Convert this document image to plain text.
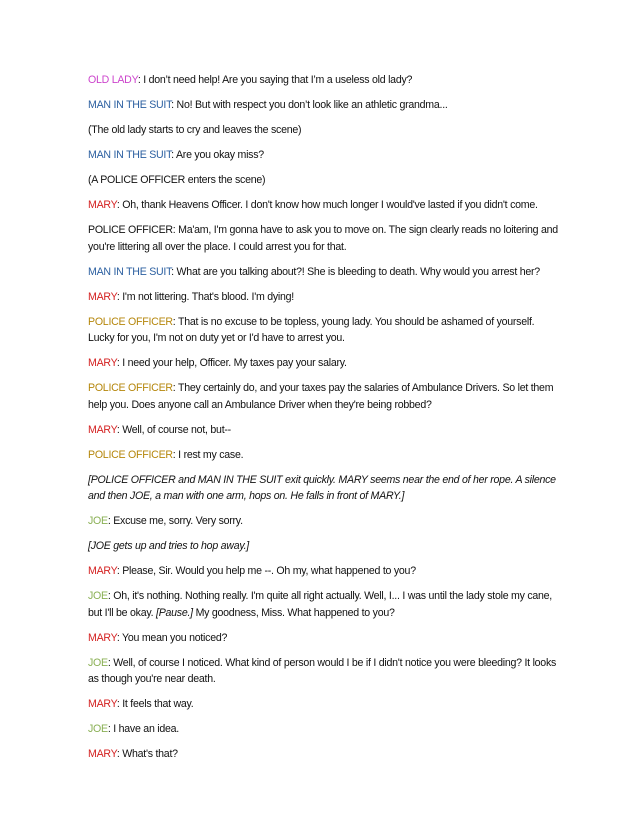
OLD LADY: I don’t need help! Are you saying that I’m a useless old lady?

MAN IN THE SUIT: No! But with respect you don’t look like an athletic grandma...

(The old lady starts to cry and leaves the scene)

MAN IN THE SUIT: Are you okay miss?

(A POLICE OFFICER enters the scene)

MARY: Oh, thank Heavens Officer. I don't know how much longer I would've lasted if you didn't come.

POLICE OFFICER: Ma'am, I'm gonna have to ask you to move on. The sign clearly reads no loitering and you're littering all over the place. I could arrest you for that.

MAN IN THE SUIT: What are you talking about?! She is bleeding to death. Why would you arrest her?

MARY: I'm not littering. That's blood. I'm dying!

POLICE OFFICER: That is no excuse to be topless, young lady. You should be ashamed of yourself. Lucky for you, I'm not on duty yet or I'd have to arrest you.

MARY: I need your help, Officer. My taxes pay your salary.

POLICE OFFICER: They certainly do, and your taxes pay the salaries of Ambulance Drivers. So let them help you. Does anyone call an Ambulance Driver when they're being robbed?

MARY: Well, of course not, but--

POLICE OFFICER: I rest my case.

[POLICE OFFICER and MAN IN THE SUIT exit quickly. MARY seems near the end of her rope. A silence and then JOE, a man with one arm, hops on. He falls in front of MARY.]

JOE: Excuse me, sorry. Very sorry.

[JOE gets up and tries to hop away.]

MARY: Please, Sir. Would you help me --. Oh my, what happened to you?

JOE: Oh, it's nothing. Nothing really. I'm quite all right actually. Well, I... I was until the lady stole my cane, but I'll be okay. [Pause.] My goodness, Miss. What happened to you?

MARY: You mean you noticed?

JOE: Well, of course I noticed. What kind of person would I be if I didn't notice you were bleeding? It looks as though you're near death.

MARY: It feels that way.

JOE: I have an idea.

MARY: What's that?
